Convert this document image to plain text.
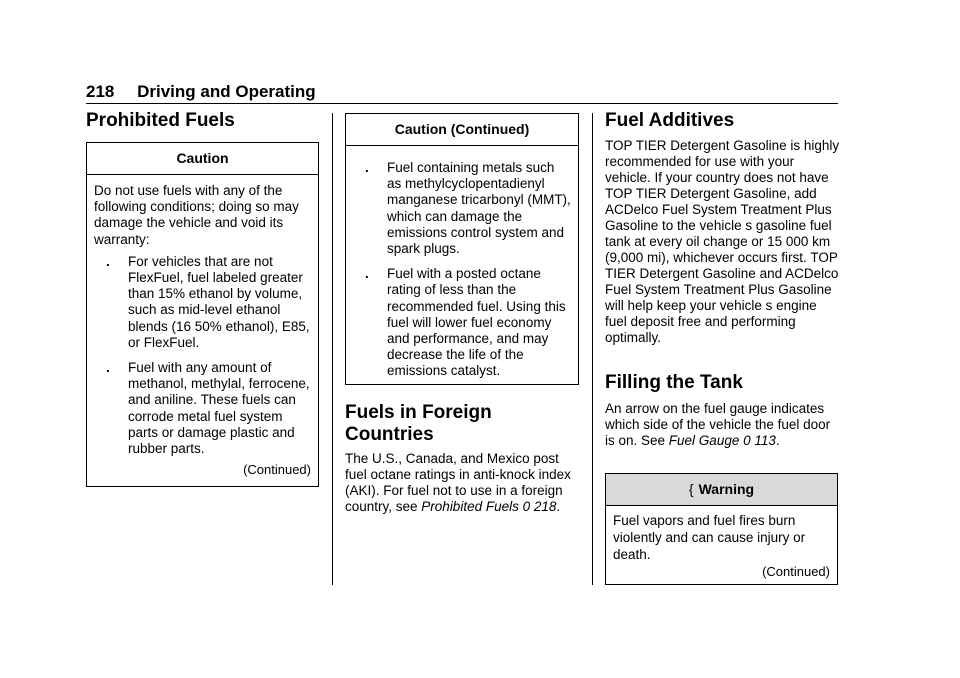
218 Driving and Operating
Prohibited Fuels
Caution

Do not use fuels with any of the following conditions; doing so may damage the vehicle and void its warranty:

. For vehicles that are not FlexFuel, fuel labeled greater than 15% ethanol by volume, such as mid-level ethanol blends (16 50% ethanol), E85, or FlexFuel.
. Fuel with any amount of methanol, methylal, ferrocene, and aniline. These fuels can corrode metal fuel system parts or damage plastic and rubber parts.
(Continued)
Caution (Continued)
. Fuel containing metals such as methylcyclopentadienyl manganese tricarbonyl (MMT), which can damage the emissions control system and spark plugs.
. Fuel with a posted octane rating of less than the recommended fuel. Using this fuel will lower fuel economy and performance, and may decrease the life of the emissions catalyst.
Fuels in Foreign
Countries

The U.S., Canada, and Mexico post fuel octane ratings in anti-knock index (AKI). For fuel not to use in a foreign country, see Prohibited Fuels 0 218.

Fuel Additives

TOP TIER Detergent Gasoline is highly recommended for use with your vehicle. If your country does not have TOP TIER Detergent Gasoline, add ACDelco Fuel System Treatment Plus Gasoline to the vehicle s gasoline fuel tank at every oil change or 15 000 km (9,000 mi), whichever occurs first. TOP TIER Detergent Gasoline and ACDelco Fuel System Treatment Plus Gasoline will help keep your vehicle s engine fuel deposit free and performing optimally.

Filling the Tank

An arrow on the fuel gauge indicates which side of the vehicle the fuel door is on. See Fuel Gauge 0 113.

{ Warning

Fuel vapors and fuel fires burn violently and can cause injury or death.

(Continued)
